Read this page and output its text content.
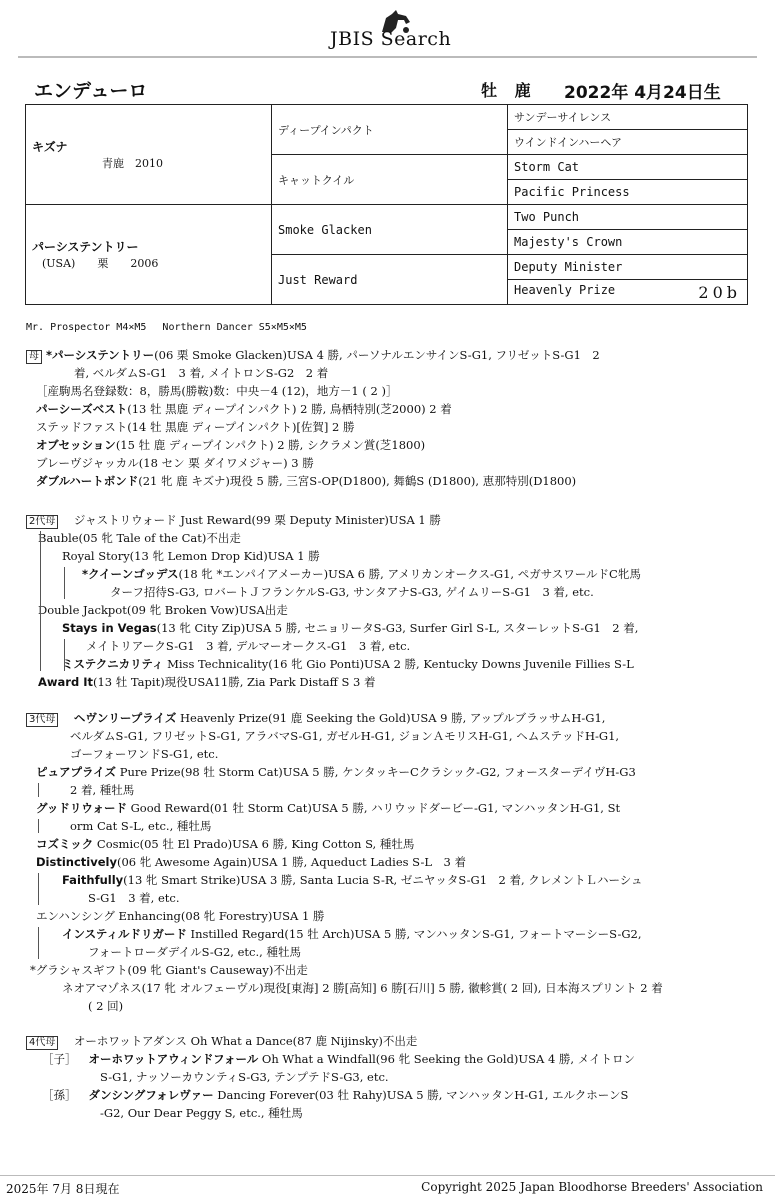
JBIS Search
エンデューロ	牡 鹿 2022年 4月24日生
キズナ
青鹿　2010	ディープインパクト	サンデーサイレンス
		ウインドインハーヘア
	キャットクイル	Storm Cat
		Pacific Princess

パーシステントリー
(USA)　　栗　　2006	Smoke Glacken	Two Punch
		Majesty's Crown
	Just Reward	Deputy Minister
		Heavenly Prize 20b
Mr. Prospector M4×M5　 Northern Dancer S5×M5×M5
母 *パーシステントリー(06 栗 Smoke Glacken)USA 4 勝, パーソナルエンサインS-G1, フリゼットS-G1　2
着, ベルダムS-G1　3 着, メイトロンS-G2　2 着
［産駒馬名登録数：8，勝馬(勝鞍)数：中央－4 (12)，地方－1 ( 2 )］
パーシーズベスト(13 牡 黒鹿 ディープインパクト) 2 勝, 鳥栖特別(芝2000) 2 着
ステッドファスト(14 牡 黒鹿 ディープインパクト)[佐賀] 2 勝
オブセッション(15 牡 鹿 ディープインパクト) 2 勝, シクラメン賞(芝1800)
ブレーヴジャッカル(18 セン 栗 ダイワメジャー) 3 勝
ダブルハートボンド(21 牝 鹿 キズナ)現役 5 勝, 三宮S-OP(D1800), 舞鶴S (D1800), 恵那特別(D1800)
2代母　 ジャストリウォード Just Reward(99 栗 Deputy Minister)USA 1 勝
Bauble(05 牝 Tale of the Cat)不出走
Royal Story(13 牝 Lemon Drop Kid)USA 1 勝
*クイーンゴッデス(18 牝 *エンパイアメーカー)USA 6 勝, アメリカンオークス-G1, ペガサスワールドC牝馬
ターフ招待S-G3, ロバートＪフランケルS-G3, サンタアナS-G3, ゲイムリーS-G1　3 着, etc.
Double Jackpot(09 牝 Broken Vow)USA出走
Stays in Vegas(13 牝 City Zip)USA 5 勝, セニョリータS-G3, Surfer Girl S-L, スターレットS-G1　2 着,
メイトリアークS-G1　3 着, デルマーオークス-G1　3 着, etc.
ミステクニカリティ Miss Technicality(16 牝 Gio Ponti)USA 2 勝, Kentucky Downs Juvenile Fillies S-L
Award It(13 牡 Tapit)現役USA11勝, Zia Park Distaff S 3 着
3代母　 ヘヴンリープライズ Heavenly Prize(91 鹿 Seeking the Gold)USA 9 勝, アップルブラッサムH-G1,
ベルダムS-G1, フリゼットS-G1, アラバマS-G1, ガゼルH-G1, ジョンＡモリスH-G1, ヘムステッドH-G1,
ゴーフォーワンドS-G1, etc.
ピュアプライズ Pure Prize(98 牡 Storm Cat)USA 5 勝, ケンタッキーCクラシック-G2, フォースターデイヴH-G3
2 着, 種牡馬
グッドリウォード Good Reward(01 牡 Storm Cat)USA 5 勝, ハリウッドダービー-G1, マンハッタンH-G1, St
orm Cat S-L, etc., 種牡馬
コズミック Cosmic(05 牡 El Prado)USA 6 勝, King Cotton S, 種牡馬
Distinctively(06 牝 Awesome Again)USA 1 勝, Aqueduct Ladies S-L　3 着
Faithfully(13 牝 Smart Strike)USA 3 勝, Santa Lucia S-R, ゼニヤッタS-G1　2 着, クレメントＬハーシュ
S-G1　3 着, etc.
エンハンシング Enhancing(08 牝 Forestry)USA 1 勝
インスティルドリガード Instilled Regard(15 牡 Arch)USA 5 勝, マンハッタンS-G1, フォートマーシーS-G2,
フォートローダデイルS-G2, etc., 種牡馬
*グラシャスギフト(09 牝 Giant's Causeway)不出走
ネオアマゾネス(17 牝 オルフェーヴル)現役[東海] 2 勝[高知] 6 勝[石川] 5 勝, 徽軫賞( 2 回), 日本海スプリント 2 着
( 2 回)
4代母　 オーホワットアダンス Oh What a Dance(87 鹿 Nijinsky)不出走
［子］ オーホワットアウィンドフォール Oh What a Windfall(96 牝 Seeking the Gold)USA 4 勝, メイトロン
S-G1, ナッソーカウンティS-G3, テンプテドS-G3, etc.
［孫］ ダンシングフォレヴァー Dancing Forever(03 牡 Rahy)USA 5 勝, マンハッタンH-G1, エルクホーンS
-G2, Our Dear Peggy S, etc., 種牡馬
2025年 7月 8日現在	Copyright 2025 Japan Bloodhorse Breeders' Association
